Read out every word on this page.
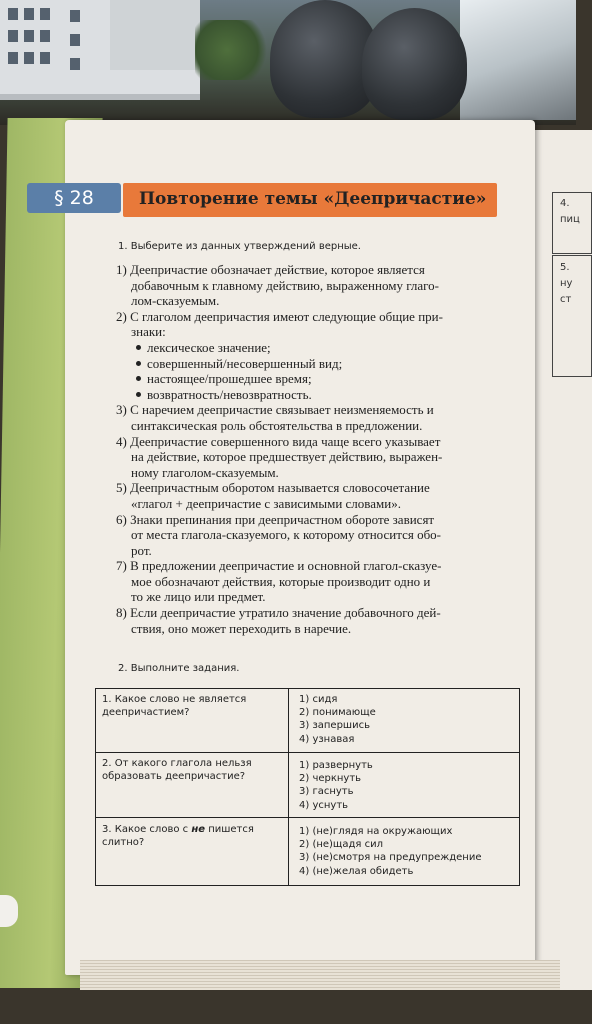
4.
пиц
5.
ну
ст
§ 28	Повторение темы «Деепричастие»
1. Выберите из данных утверждений верные.
1) Деепричастие обозначает действие, которое является
добавочным к главному действию, выраженному глаго-
лом-сказуемым.
2) С глаголом деепричастия имеют следующие общие при-
знаки:
лексическое значение;
совершенный/несовершенный вид;
настоящее/прошедшее время;
возвратность/невозвратность.
3) С наречием деепричастие связывает неизменяемость и
синтаксическая роль обстоятельства в предложении.
4) Деепричастие совершенного вида чаще всего указывает
на действие, которое предшествует действию, выражен-
ному глаголом-сказуемым.
5) Деепричастным оборотом называется словосочетание
«глагол + деепричастие с зависимыми словами».
6) Знаки препинания при деепричастном обороте зависят
от места глагола-сказуемого, к которому относится обо-
рот.
7) В предложении деепричастие и основной глагол-сказуе-
мое обозначают действия, которые производит одно и
то же лицо или предмет.
8) Если деепричастие утратило значение добавочного дей-
ствия, оно может переходить в наречие.
2. Выполните задания.
1. Какое слово не является
деепричастием?
1) сидя
2) понимающе
3) запершись
4) узнавая
2. От какого глагола нельзя
образовать деепричастие?
1) развернуть
2) черкнуть
3) гаснуть
4) уснуть
3. Какое слово с не пишется
слитно?
1) (не)глядя на окружающих
2) (не)щадя сил
3) (не)смотря на предупреждение
4) (не)желая обидеть
